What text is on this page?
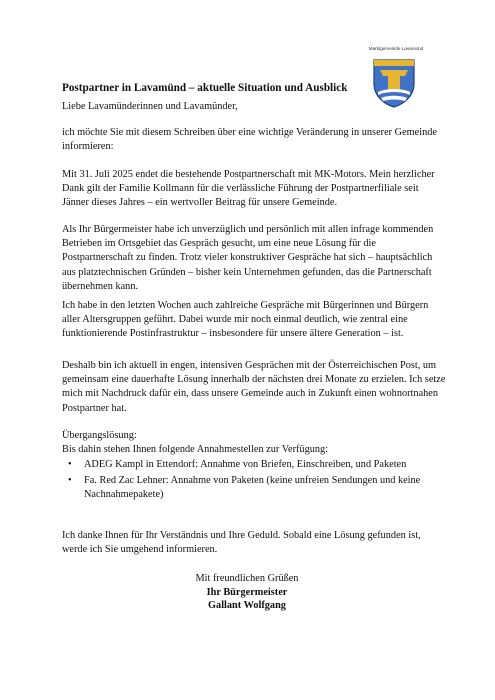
Marktgemeinde Lavamünd
Postpartner in Lavamünd – aktuelle Situation und Ausblick

Liebe Lavamünderinnen und Lavamünder,

ich möchte Sie mit diesem Schreiben über eine wichtige Veränderung in unserer Gemeinde informieren:

Mit 31. Juli 2025 endet die bestehende Postpartnerschaft mit MK-Motors. Mein herzlicher Dank gilt der Familie Kollmann für die verlässliche Führung der Postpartnerfiliale seit Jänner dieses Jahres – ein wertvoller Beitrag für unsere Gemeinde.

Als Ihr Bürgermeister habe ich unverzüglich und persönlich mit allen infrage kommenden Betrieben im Ortsgebiet das Gespräch gesucht, um eine neue Lösung für die Postpartnerschaft zu finden. Trotz vieler konstruktiver Gespräche hat sich – hauptsächlich aus platztechnischen Gründen – bisher kein Unternehmen gefunden, das die Partnerschaft übernehmen kann.

Ich habe in den letzten Wochen auch zahlreiche Gespräche mit Bürgerinnen und Bürgern aller Altersgruppen geführt. Dabei wurde mir noch einmal deutlich, wie zentral eine funktionierende Postinfrastruktur – insbesondere für unsere ältere Generation – ist.

Deshalb bin ich aktuell in engen, intensiven Gesprächen mit der Österreichischen Post, um gemeinsam eine dauerhafte Lösung innerhalb der nächsten drei Monate zu erzielen. Ich setze mich mit Nachdruck dafür ein, dass unsere Gemeinde auch in Zukunft einen wohnortnahen Postpartner hat.

Übergangslösung:

Bis dahin stehen Ihnen folgende Annahmestellen zur Verfügung:

• ADEG Kampl in Ettendorf: Annahme von Briefen, Einschreiben, und Paketen
• Fa. Red Zac Lehner: Annahme von Paketen (keine unfreien Sendungen und keine Nachnahmepakete)

Ich danke Ihnen für Ihr Verständnis und Ihre Geduld. Sobald eine Lösung gefunden ist, werde ich Sie umgehend informieren.

Mit freundlichen Grüßen
Ihr Bürgermeister
Gallant Wolfgang
